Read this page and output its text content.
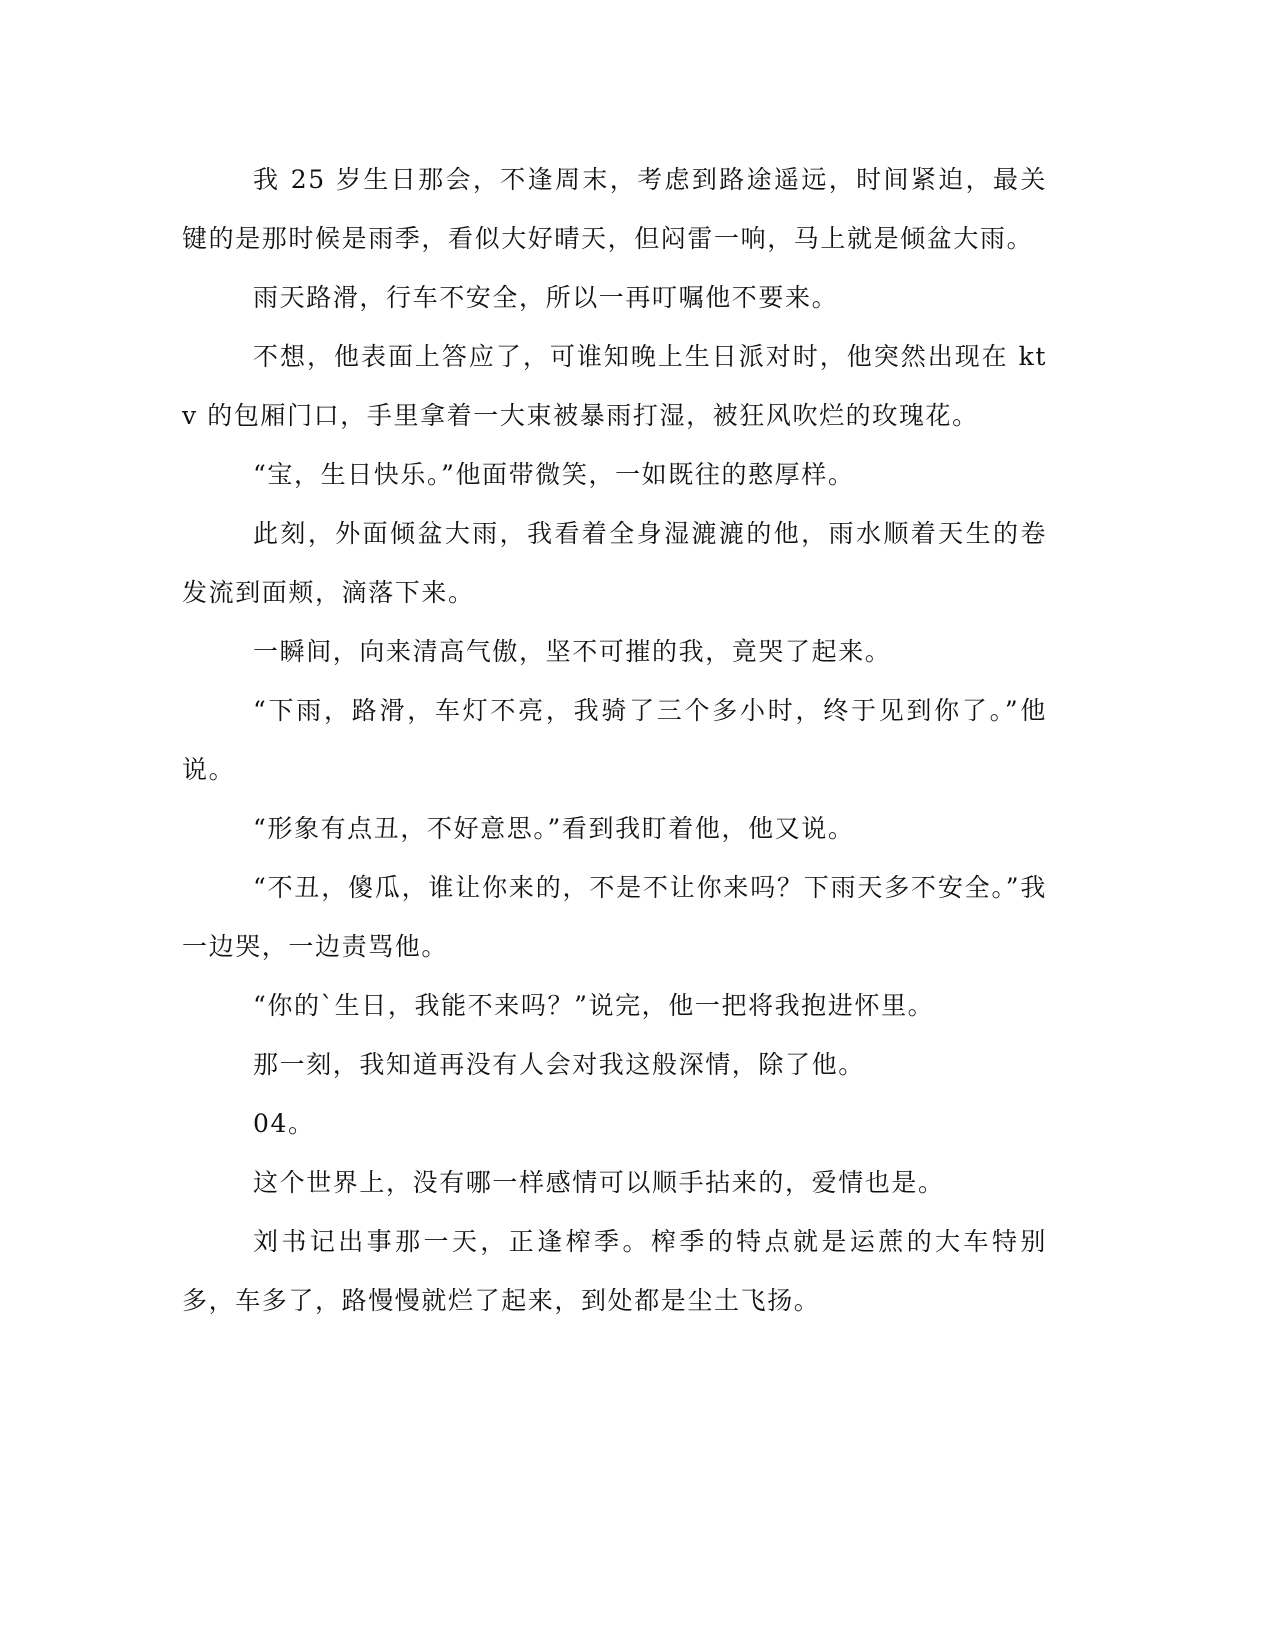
我 25 岁生日那会，不逢周末，考虑到路途遥远，时间紧迫，最关键的是那时候是雨季，看似大好晴天，但闷雷一响，马上就是倾盆大雨。

雨天路滑，行车不安全，所以一再叮嘱他不要来。

不想，他表面上答应了，可谁知晚上生日派对时，他突然出现在 ktv 的包厢门口，手里拿着一大束被暴雨打湿，被狂风吹烂的玫瑰花。

“宝，生日快乐。”他面带微笑，一如既往的憨厚样。

此刻，外面倾盆大雨，我看着全身湿漉漉的他，雨水顺着天生的卷发流到面颊，滴落下来。

一瞬间，向来清高气傲，坚不可摧的我，竟哭了起来。

“下雨，路滑，车灯不亮，我骑了三个多小时，终于见到你了。”他说。

“形象有点丑，不好意思。”看到我盯着他，他又说。

“不丑，傻瓜，谁让你来的，不是不让你来吗？下雨天多不安全。”我一边哭，一边责骂他。

“你的`生日，我能不来吗？”说完，他一把将我抱进怀里。

那一刻，我知道再没有人会对我这般深情，除了他。

04。

这个世界上，没有哪一样感情可以顺手拈来的，爱情也是。

刘书记出事那一天，正逢榨季。榨季的特点就是运蔗的大车特别多，车多了，路慢慢就烂了起来，到处都是尘土飞扬。
